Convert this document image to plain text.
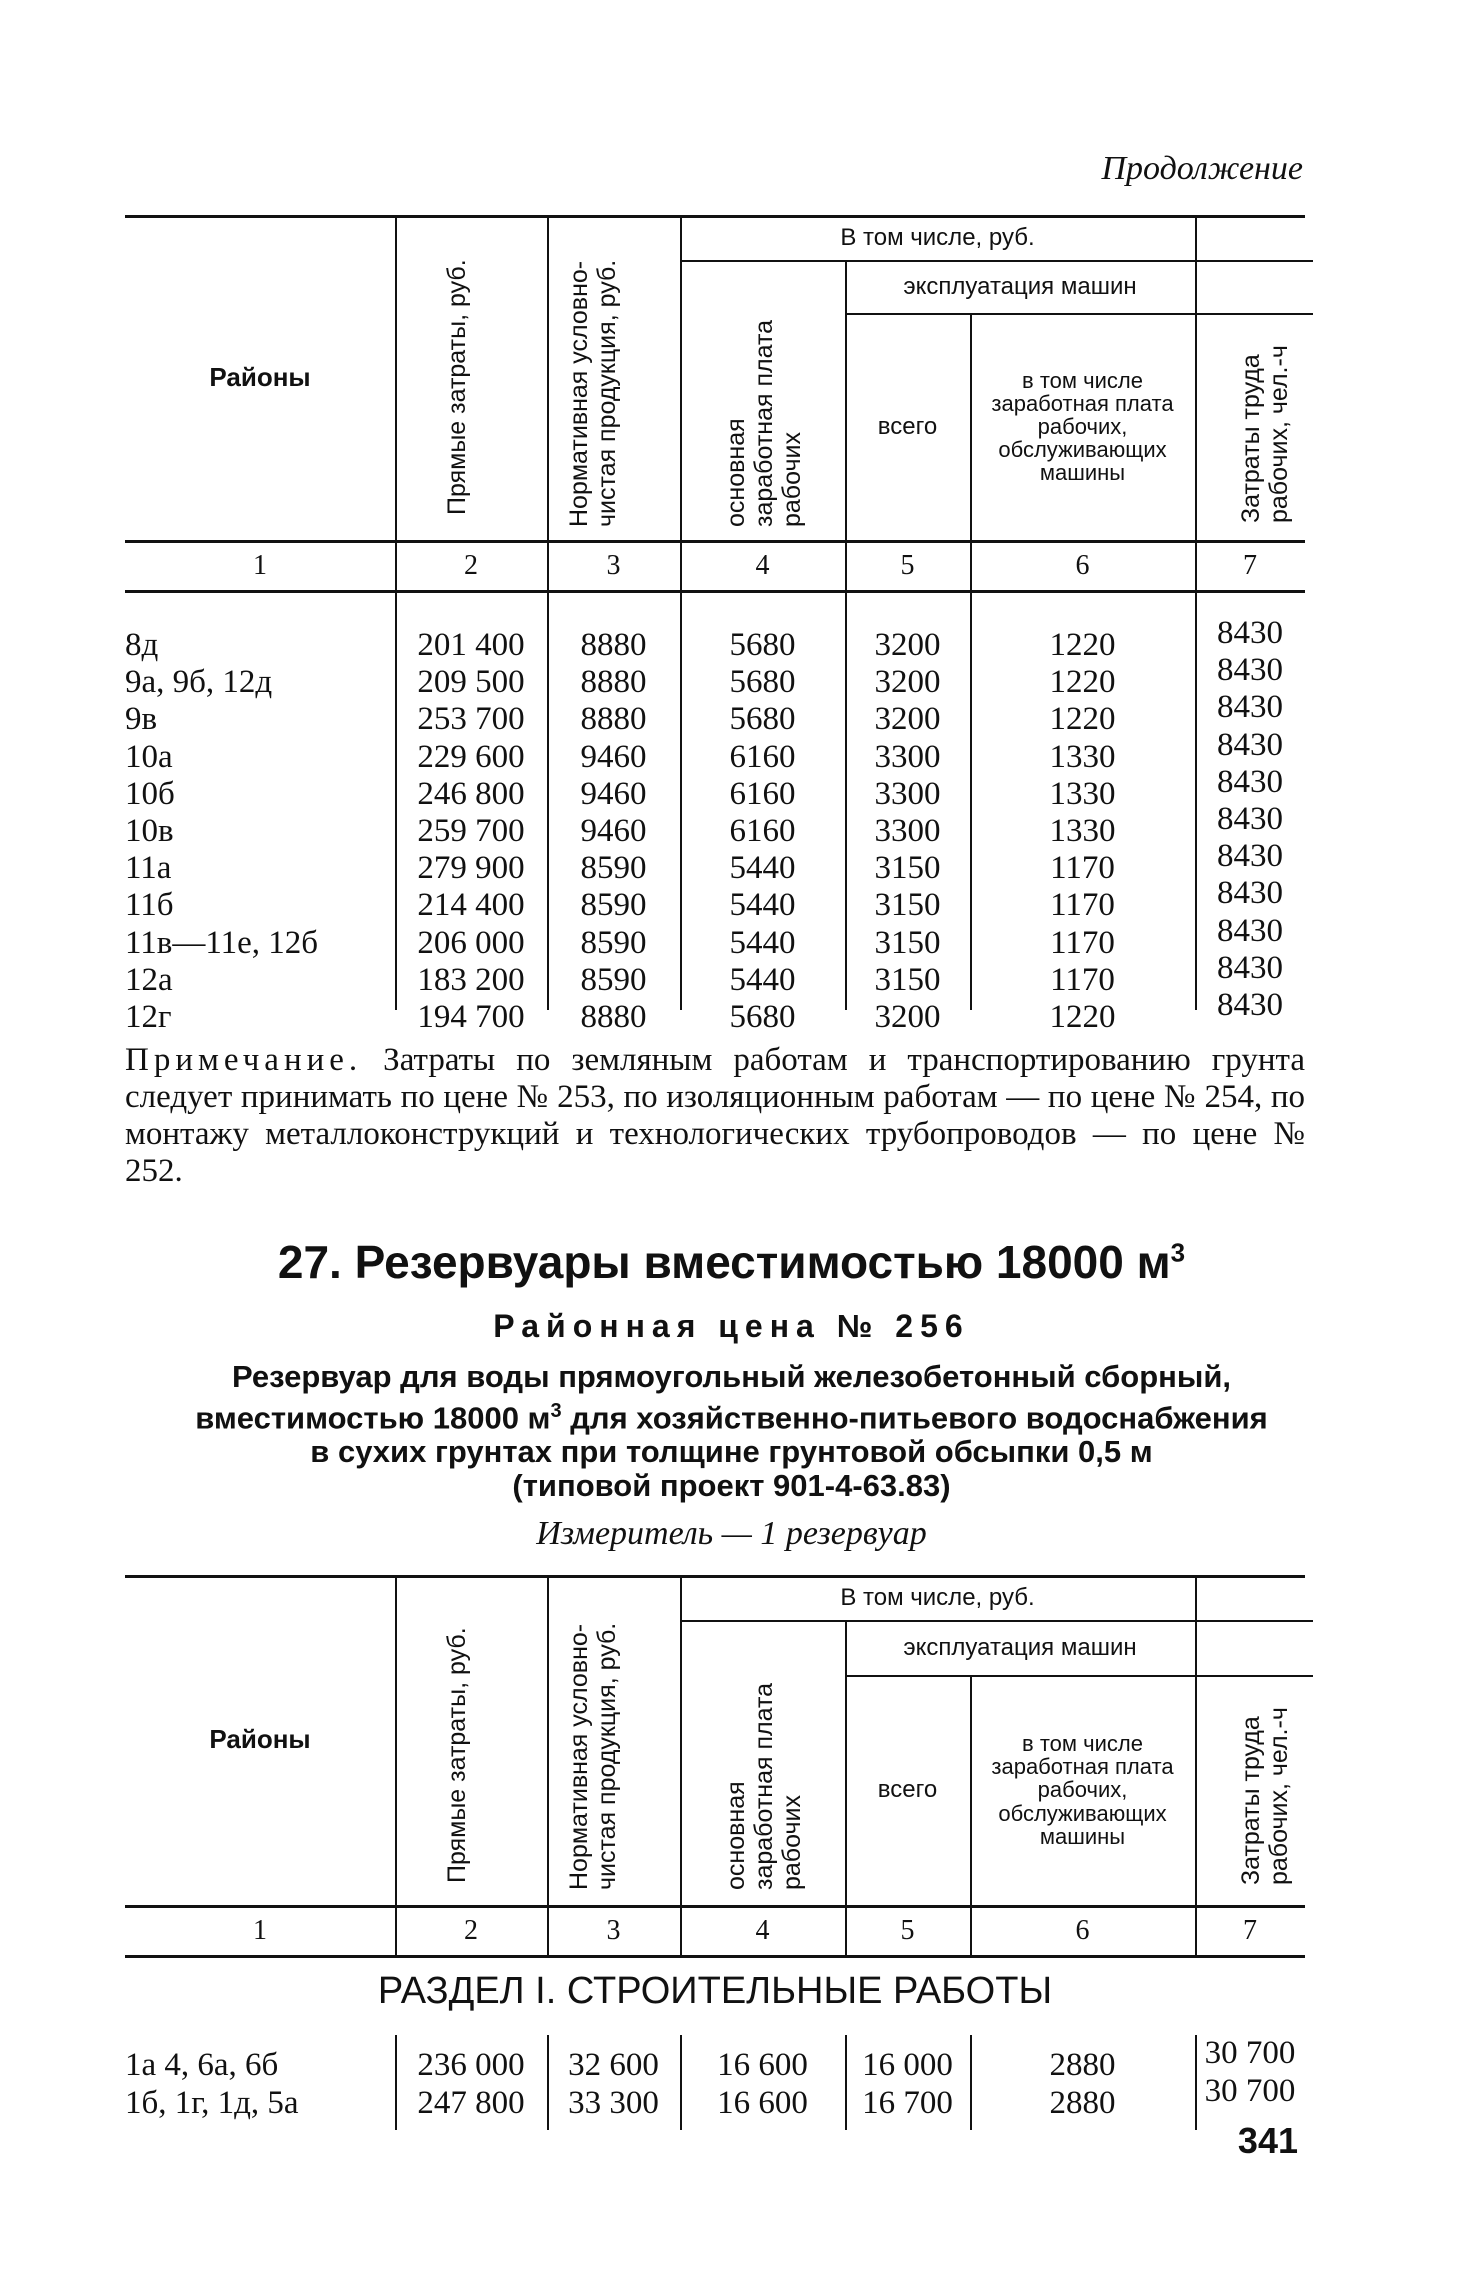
Продолжение
Районы	Прямые затраты, руб.	Нормативная условно-чистая продукция, руб.
В том числе, руб.
основная заработная плата рабочих
эксплуатация машин
всего
в том числе заработная плата рабочих, обслуживающих машины	Затраты труда рабочих, чел.-ч
1	2	3	4	5	6	7
8д	201 400	8880	5680	3200	1220	8430
9а, 9б, 12д	209 500	8880	5680	3200	1220	8430
9в	253 700	8880	5680	3200	1220	8430
10а	229 600	9460	6160	3300	1330	8430
10б	246 800	9460	6160	3300	1330	8430
10в	259 700	9460	6160	3300	1330	8430
11а	279 900	8590	5440	3150	1170	8430
11б	214 400	8590	5440	3150	1170	8430
11в—11е, 12б	206 000	8590	5440	3150	1170	8430
12а	183 200	8590	5440	3150	1170	8430
12г	194 700	8880	5680	3200	1220	8430
Примечание. Затраты по земляным работам и транспортированию грунта следует принимать по цене № 253, по изоляционным работам — по цене № 254, по монтажу металлоконструкций и технологических трубопроводов — по цене № 252.
27. Резервуары вместимостью 18000 $м^3$
Районная цена № 256
Резервуар для воды прямоугольный железобетонный сборный,
вместимостью 18000 $м^3$ для хозяйственно-питьевого водоснабжения
в сухих грунтах при толщине грунтовой обсыпки 0,5 м
(типовой проект 901-4-63.83)
Измеритель — 1 резервуар
Районы	Прямые затраты, руб.	Нормативная условно-чистая продукция, руб.
В том числе, руб.
основная заработная плата рабочих
эксплуатация машин
всего
в том числе заработная плата рабочих, обслуживающих машины	Затраты труда рабочих, чел.-ч
1	2	3	4	5	6	7
РАЗДЕЛ I. СТРОИТЕЛЬНЫЕ РАБОТЫ
1а 4, 6а, 6б	236 000	32 600	16 600	16 000	2880	30 700
1б, 1г, 1д, 5а	247 800	33 300	16 600	16 700	2880	30 700
341
